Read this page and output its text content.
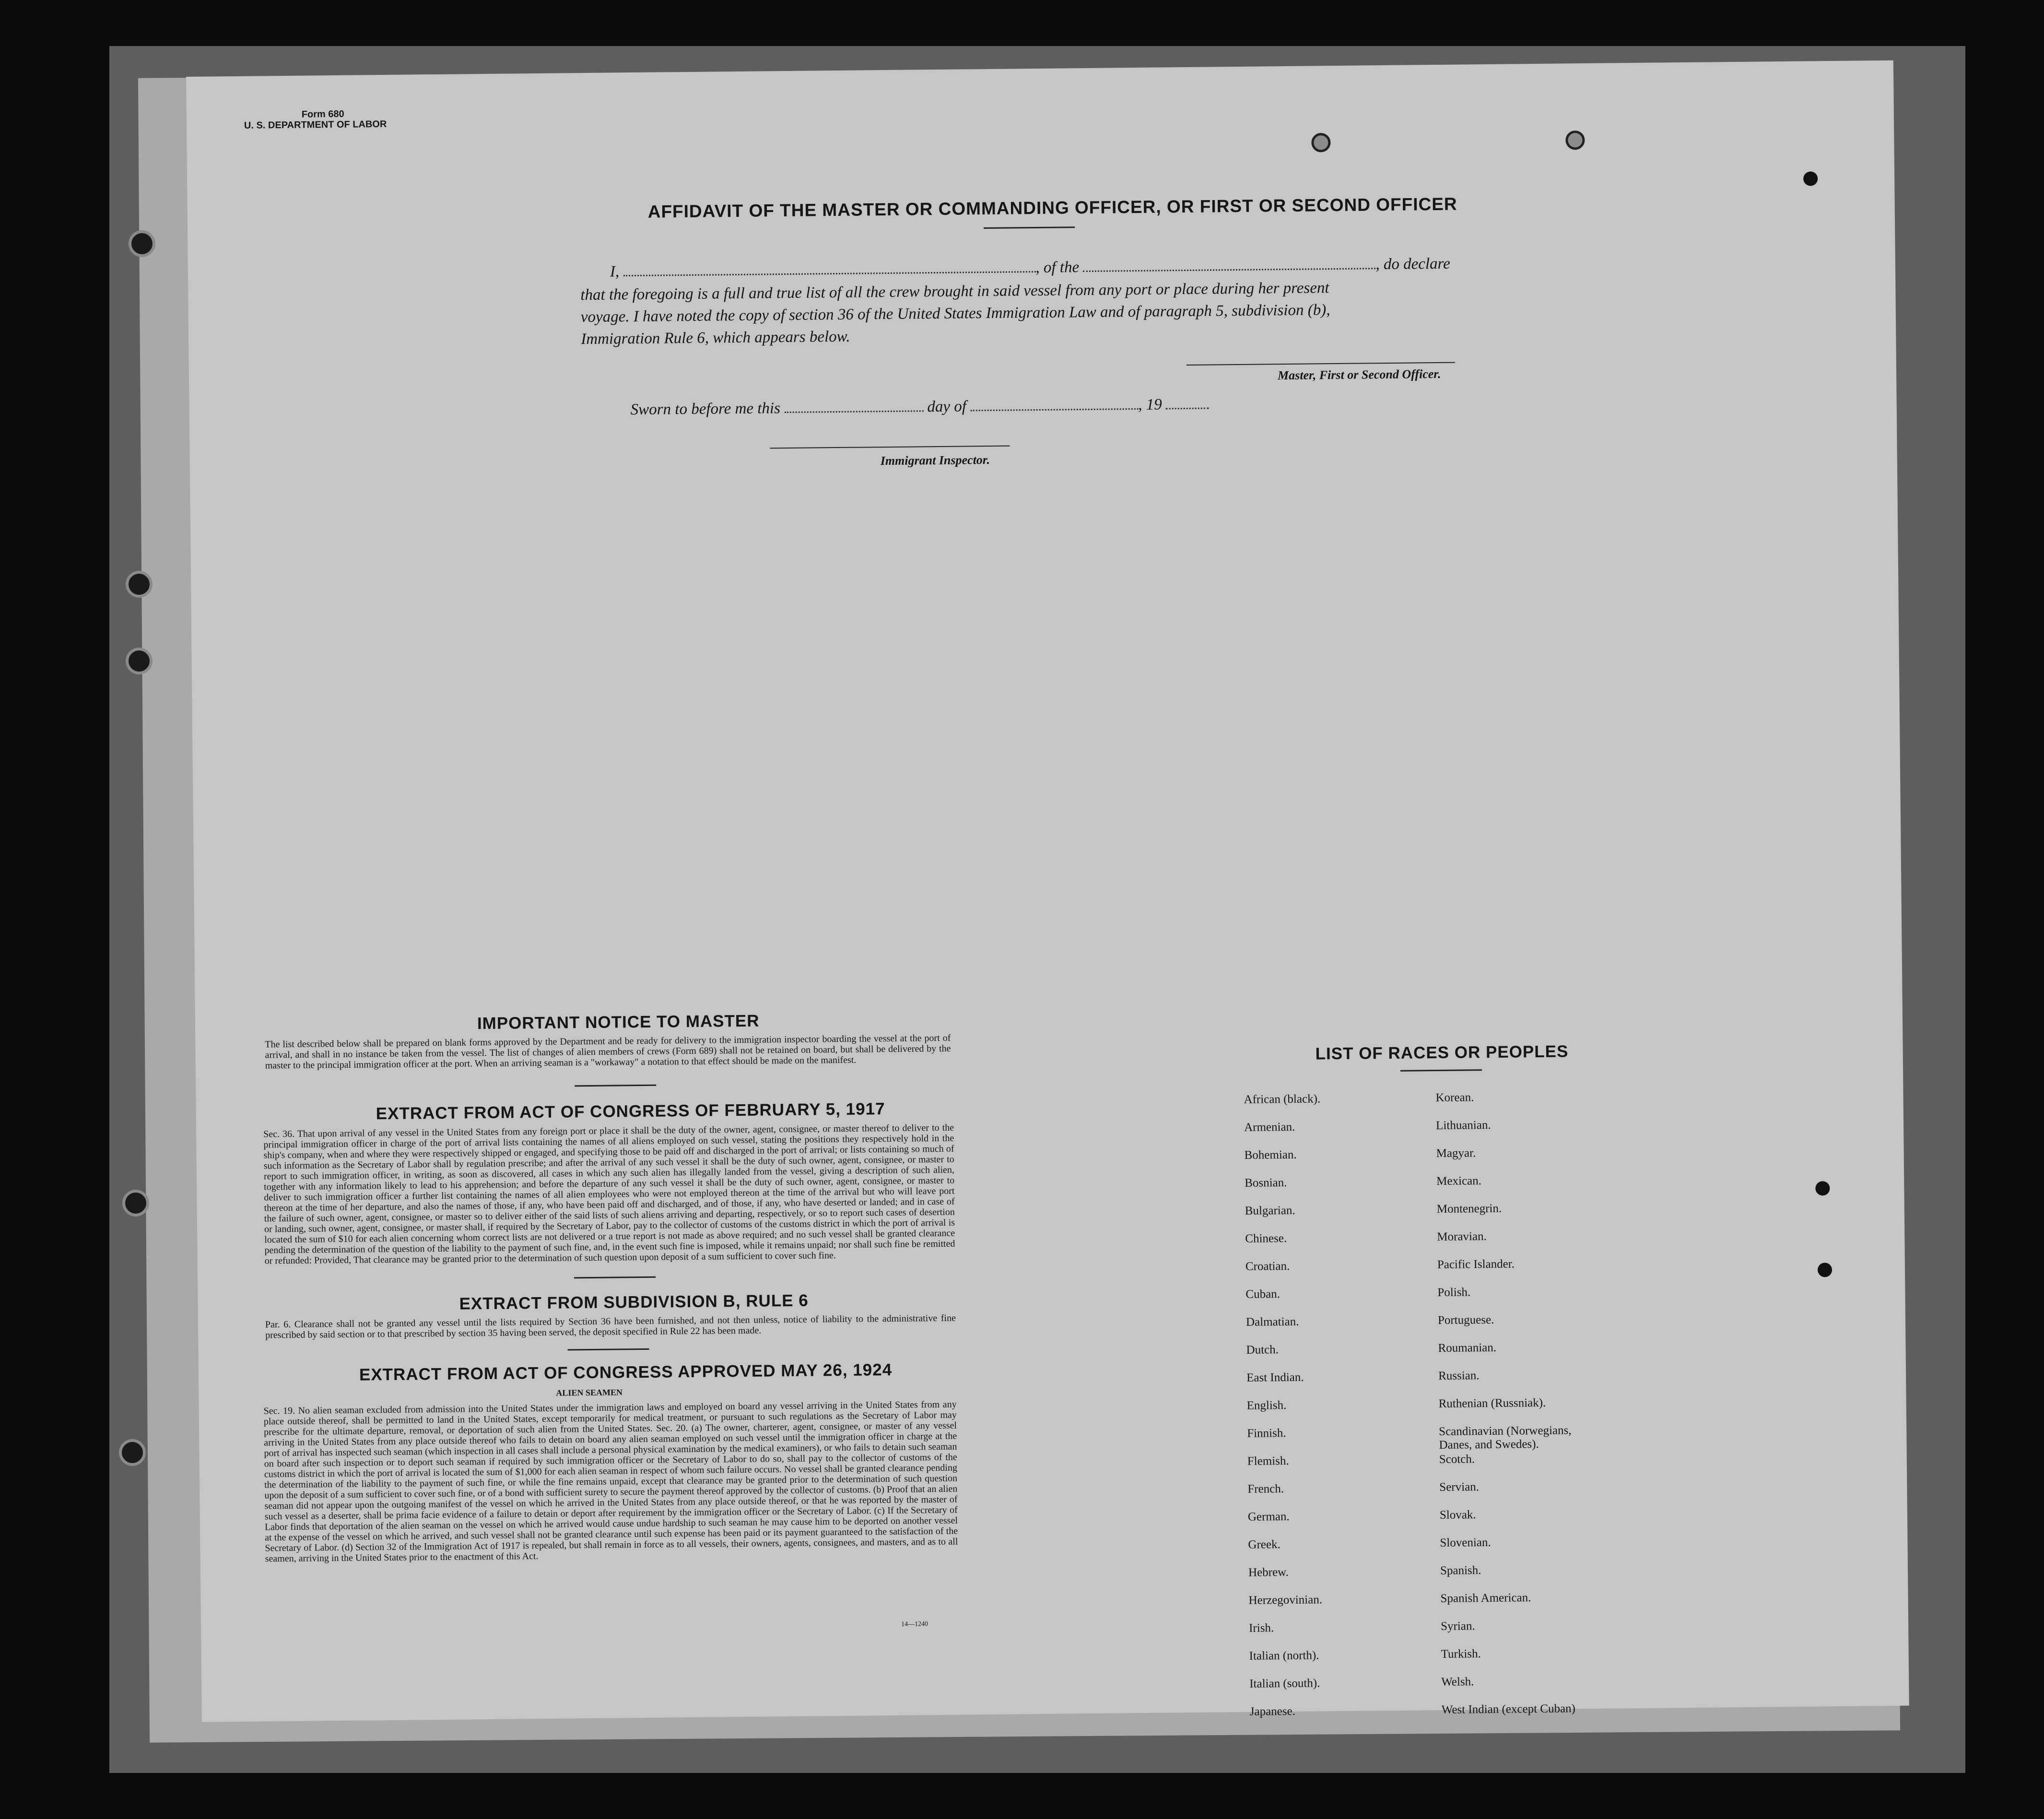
Form 680
U. S. DEPARTMENT OF LABOR
AFFIDAVIT OF THE MASTER OR COMMANDING OFFICER, OR FIRST OR SECOND OFFICER
I,	, of the	, do declare
that the foregoing is a full and true list of all the crew brought in said vessel from any port or place during her present
voyage. I have noted the copy of section 36 of the United States Immigration Law and of paragraph 5, subdivision (b),
Immigration Rule 6, which appears below.
Master, First or Second Officer.
Sworn to before me this	day of	, 19
Immigrant Inspector.
IMPORTANT NOTICE TO MASTER
The list described below shall be prepared on blank forms approved by the Department and be ready for delivery to the immigration inspector boarding the vessel at the port of arrival, and shall in no instance be taken from the vessel. The list of changes of alien members of crews (Form 689) shall not be retained on board, but shall be delivered by the master to the principal immigration officer at the port. When an arriving seaman is a "workaway" a notation to that effect should be made on the manifest.
EXTRACT FROM ACT OF CONGRESS OF FEBRUARY 5, 1917
Sec. 36. That upon arrival of any vessel in the United States from any foreign port or place it shall be the duty of the owner, agent, consignee, or master thereof to deliver to the principal immigration officer in charge of the port of arrival lists containing the names of all aliens employed on such vessel, stating the positions they respectively hold in the ship's company, when and where they were respectively shipped or engaged, and specifying those to be paid off and discharged in the port of arrival; or lists containing so much of such information as the Secretary of Labor shall by regulation prescribe; and after the arrival of any such vessel it shall be the duty of such owner, agent, consignee, or master to report to such immigration officer, in writing, as soon as discovered, all cases in which any such alien has illegally landed from the vessel, giving a description of such alien, together with any information likely to lead to his apprehension; and before the departure of any such vessel it shall be the duty of such owner, agent, consignee, or master to deliver to such immigration officer a further list containing the names of all alien employees who were not employed thereon at the time of the arrival but who will leave port thereon at the time of her departure, and also the names of those, if any, who have been paid off and discharged, and of those, if any, who have deserted or landed; and in case of the failure of such owner, agent, consignee, or master so to deliver either of the said lists of such aliens arriving and departing, respectively, or so to report such cases of desertion or landing, such owner, agent, consignee, or master shall, if required by the Secretary of Labor, pay to the collector of customs of the customs district in which the port of arrival is located the sum of $10 for each alien concerning whom correct lists are not delivered or a true report is not made as above required; and no such vessel shall be granted clearance pending the determination of the question of the liability to the payment of such fine, and, in the event such fine is imposed, while it remains unpaid; nor shall such fine be remitted or refunded: Provided, That clearance may be granted prior to the determination of such question upon deposit of a sum sufficient to cover such fine.
EXTRACT FROM SUBDIVISION B, RULE 6
Par. 6. Clearance shall not be granted any vessel until the lists required by Section 36 have been furnished, and not then unless, notice of liability to the administrative fine prescribed by said section or to that prescribed by section 35 having been served, the deposit specified in Rule 22 has been made.
EXTRACT FROM ACT OF CONGRESS APPROVED MAY 26, 1924
ALIEN SEAMEN
Sec. 19. No alien seaman excluded from admission into the United States under the immigration laws and employed on board any vessel arriving in the United States from any place outside thereof, shall be permitted to land in the United States, except temporarily for medical treatment, or pursuant to such regulations as the Secretary of Labor may prescribe for the ultimate departure, removal, or deportation of such alien from the United States. Sec. 20. (a) The owner, charterer, agent, consignee, or master of any vessel arriving in the United States from any place outside thereof who fails to detain on board any alien seaman employed on such vessel until the immigration officer in charge at the port of arrival has inspected such seaman (which inspection in all cases shall include a personal physical examination by the medical examiners), or who fails to detain such seaman on board after such inspection or to deport such seaman if required by such immigration officer or the Secretary of Labor to do so, shall pay to the collector of customs of the customs district in which the port of arrival is located the sum of $1,000 for each alien seaman in respect of whom such failure occurs. No vessel shall be granted clearance pending the determination of the liability to the payment of such fine, or while the fine remains unpaid, except that clearance may be granted prior to the determination of such question upon the deposit of a sum sufficient to cover such fine, or of a bond with sufficient surety to secure the payment thereof approved by the collector of customs. (b) Proof that an alien seaman did not appear upon the outgoing manifest of the vessel on which he arrived in the United States from any place outside thereof, or that he was reported by the master of such vessel as a deserter, shall be prima facie evidence of a failure to detain or deport after requirement by the immigration officer or the Secretary of Labor. (c) If the Secretary of Labor finds that deportation of the alien seaman on the vessel on which he arrived would cause undue hardship to such seaman he may cause him to be deported on another vessel at the expense of the vessel on which he arrived, and such vessel shall not be granted clearance until such expense has been paid or its payment guaranteed to the satisfaction of the Secretary of Labor. (d) Section 32 of the Immigration Act of 1917 is repealed, but shall remain in force as to all vessels, their owners, agents, consignees, and masters, and as to all seamen, arriving in the United States prior to the enactment of this Act.
14—1240
LIST OF RACES OR PEOPLES
African (black).
Armenian.
Bohemian.
Bosnian.
Bulgarian.
Chinese.
Croatian.
Cuban.
Dalmatian.
Dutch.
East Indian.
English.
Finnish.
Flemish.
French.
German.
Greek.
Hebrew.
Herzegovinian.
Irish.
Italian (north).
Italian (south).
Japanese.
Korean.
Lithuanian.
Magyar.
Mexican.
Montenegrin.
Moravian.
Pacific Islander.
Polish.
Portuguese.
Roumanian.
Russian.
Ruthenian (Russniak).
Scandinavian (Norwegians, Danes, and Swedes).
Scotch.
Servian.
Slovak.
Slovenian.
Spanish.
Spanish American.
Syrian.
Turkish.
Welsh.
West Indian (except Cuban)
